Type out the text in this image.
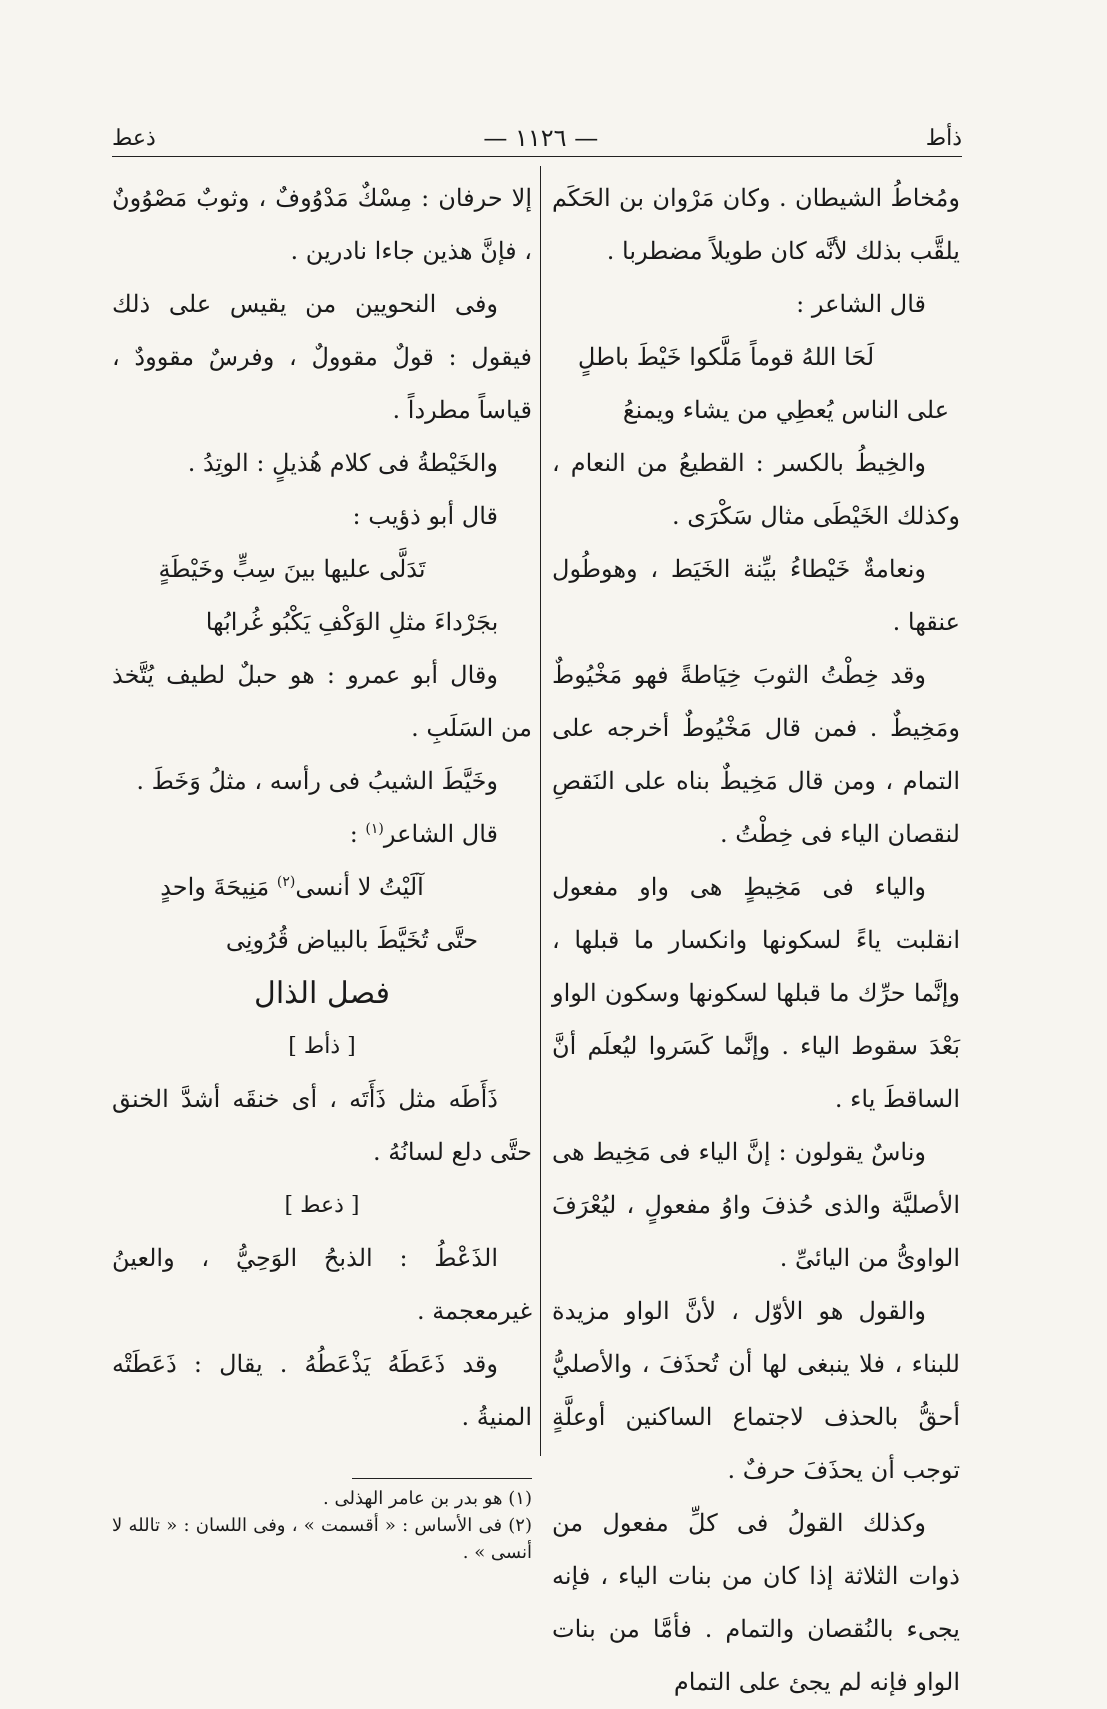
ذأط
— ١١٢٦ —
ذعط

ومُخاطُ الشيطان . وكان مَرْوان بن الحَكَم يلقَّب بذلك لأنَّه كان طويلاً مضطربا .

قال الشاعر :

لَحَا اللهُ قوماً مَلَّكوا خَيْطَ باطلٍ

على الناس يُعطِي من يشاء ويمنعُ

والخِيطُ بالكسر : القطيعُ من النعام ، وكذلك الخَيْطَى مثال سَكْرَى .

ونعامةٌ خَيْطاءُ بيِّنة الخَيَط ، وهوطُول عنقها .

وقد خِطْتُ الثوبَ خِيَاطةً فهو مَخْيُوطٌ ومَخِيطٌ . فمن قال مَخْيُوطٌ أخرجه على التمام ، ومن قال مَخِيطٌ بناه على النَقصِ لنقصان الياء فى خِطْتُ .

والياء فى مَخِيطٍ هى واو مفعول انقلبت ياءً لسكونها وانكسار ما قبلها ، وإنَّما حرِّك ما قبلها لسكونها وسكون الواو بَعْدَ سقوط الياء . وإنَّما كَسَروا ليُعلَم أنَّ الساقطَ ياء .

وناسٌ يقولون : إنَّ الياء فى مَخِيط هى الأصليَّة والذى حُذفَ واوُ مفعولٍ ، ليُعْرَفَ الواوىُّ من اليائىِّ .

والقول هو الأوّل ، لأنَّ الواو مزيدة للبناء ، فلا ينبغى لها أن تُحذَفَ ، والأصليُّ أحقُّ بالحذف لاجتماع الساكنين أوعلَّةٍ توجب أن يحذَفَ حرفٌ .

وكذلك القولُ فى كلِّ مفعول من ذوات الثلاثة إذا كان من بنات الياء ، فإنه يجىء بالنُقصان والتمام . فأمَّا من بنات الواو فإنه لم يجئ على التمام

إلا حرفان : مِسْكٌ مَدْوُوفٌ ، وثوبٌ مَصْوُونٌ ، فإنَّ هذين جاءا نادرين .

وفى النحويين من يقيس على ذلك فيقول : قولٌ مقوولٌ ، وفرسٌ مقوودٌ ، قياساً مطرداً .

والخَيْطةُ فى كلام هُذيلٍ : الوتِدُ .

قال أبو ذؤيب :

تَدَلَّى عليها بينَ سِبٍّ وخَيْطَةٍ

بجَرْداءَ مثلِ الوَكْفِ يَكْبُو غُرابُها

وقال أبو عمرو : هو حبلٌ لطيف يُتَّخذ من السَلَبِ .

وخَيَّطَ الشيبُ فى رأسه ، مثلُ وَخَطَ .

قال الشاعر$^{(١)}$ :

آلَيْتُ لا أنسى$^{(٢)}$ مَنِيحَةَ واحدٍ

حتَّى تُخَيَّطَ بالبياض قُرُونِى

فصل الذال

[ ذأط ]

ذَأَطَه مثل ذَأَتَه ، أى خنقَه أشدَّ الخنق حتَّى دلع لسانُهُ .

[ ذعط ]

الذَعْطُ : الذبحُ الوَحِيُّ ، والعينُ غيرمعجمة .

وقد ذَعَطَهُ يَذْعَطُهُ . يقال : ذَعَطَتْه المنيةُ .

(١) هو بدر بن عامر الهذلى .

(٢) فى الأساس : « أقسمت » ، وفى اللسان : « تالله لا أنسى » .
